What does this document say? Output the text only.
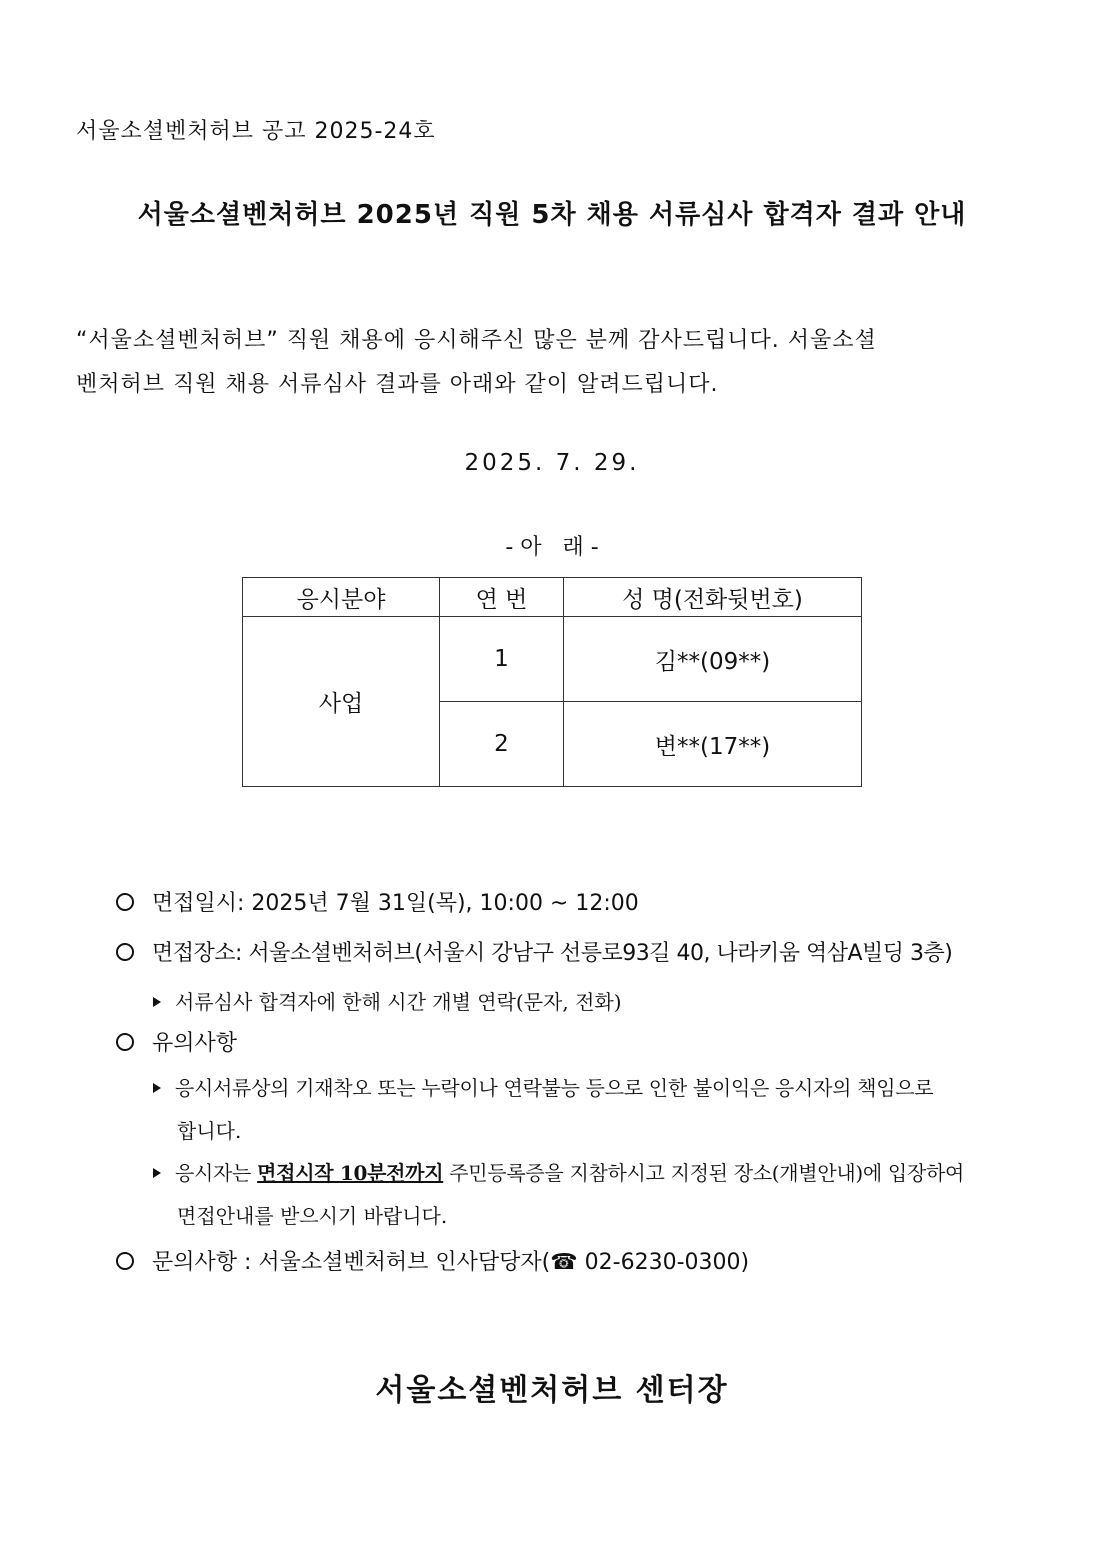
서울소셜벤처허브 공고 2025-24호
서울소셜벤처허브 2025년 직원 5차 채용 서류심사 합격자 결과 안내
“서울소셜벤처허브” 직원 채용에 응시해주신 많은 분께 감사드립니다. 서울소셜
벤처허브 직원 채용 서류심사 결과를 아래와 같이 알려드립니다.
2025. 7. 29.
- 아   래 -
응시분야	연 번	성 명(전화뒷번호)
사업	1	김**(09**)
	2	변**(17**)
면접일시: 2025년 7월 31일(목), 10:00 ~ 12:00
면접장소: 서울소셜벤처허브(서울시 강남구 선릉로93길 40, 나라키움 역삼A빌딩 3층)
서류심사 합격자에 한해 시간 개별 연락(문자, 전화)
유의사항
응시서류상의 기재착오 또는 누락이나 연락불능 등으로 인한 불이익은 응시자의 책임으로
합니다.
응시자는 면접시작 10분전까지 주민등록증을 지참하시고 지정된 장소(개별안내)에 입장하여
면접안내를 받으시기 바랍니다.
문의사항 : 서울소셜벤처허브 인사담당자(☎ 02-6230-0300)
서울소셜벤처허브 센터장
